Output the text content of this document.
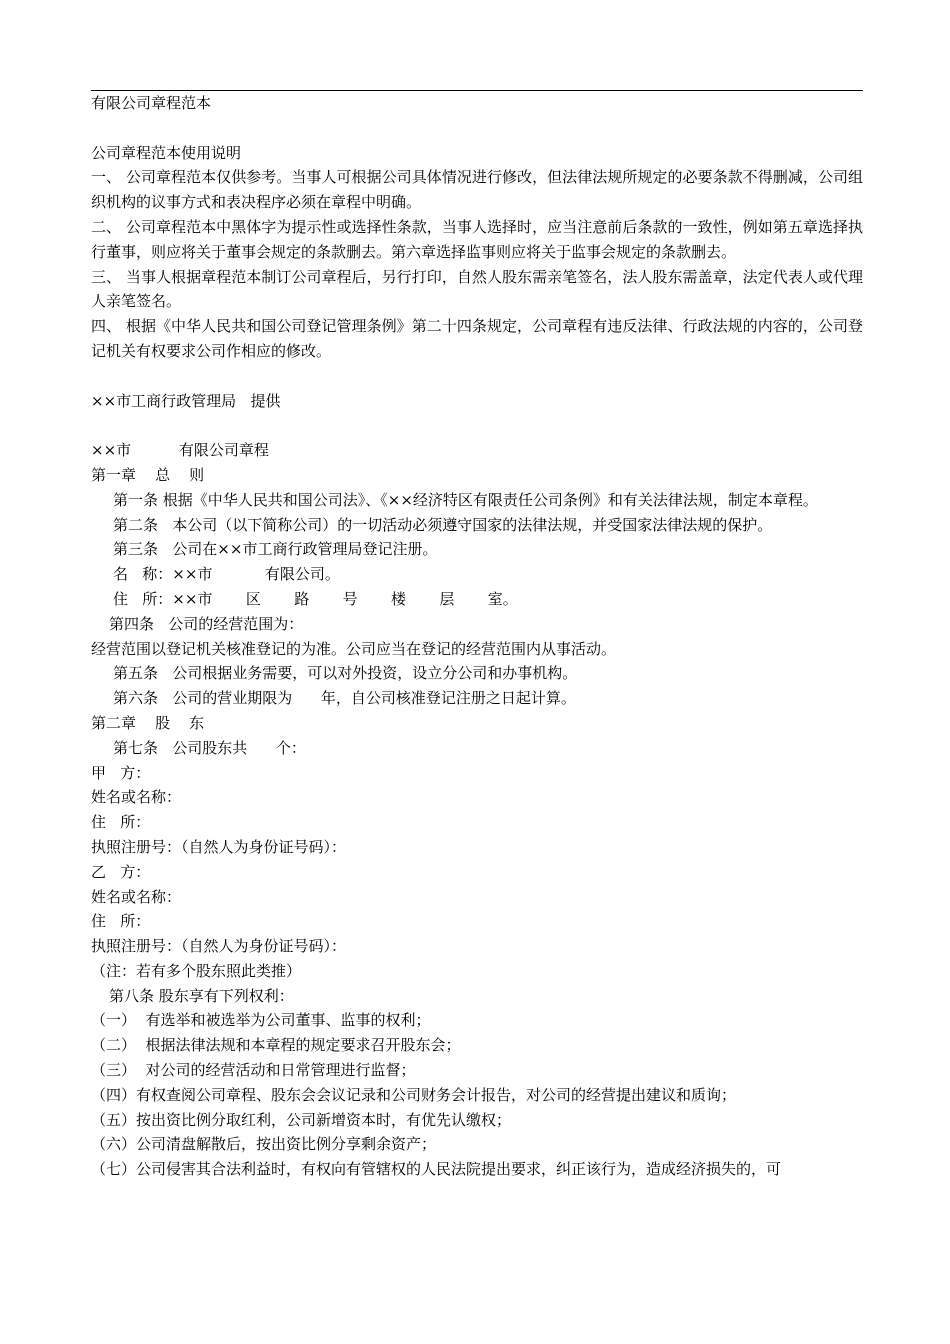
有限公司章程范本
公司章程范本使用说明
一、 公司章程范本仅供参考。当事人可根据公司具体情况进行修改，但法律法规所规定的必要条款不得删减，公司组织机构的议事方式和表决程序必须在章程中明确。
二、 公司章程范本中黑体字为提示性或选择性条款，当事人选择时，应当注意前后条款的一致性，例如第五章选择执行董事，则应将关于董事会规定的条款删去。第六章选择监事则应将关于监事会规定的条款删去。
三、 当事人根据章程范本制订公司章程后，另行打印，自然人股东需亲笔签名，法人股东需盖章，法定代表人或代理人亲笔签名。
四、 根据《中华人民共和国公司登记管理条例》第二十四条规定，公司章程有违反法律、行政法规的内容的，公司登记机关有权要求公司作相应的修改。
××市工商行政管理局   提供
××市          有限公司章程
第一章    总    则
第一条 根据《中华人民共和国公司法》、《××经济特区有限责任公司条例》和有关法律法规，制定本章程。
第二条   本公司（以下简称公司）的一切活动必须遵守国家的法律法规，并受国家法律法规的保护。
第三条   公司在××市工商行政管理局登记注册。
名   称：××市           有限公司。
住   所：××市       区       路       号       楼       层       室。
第四条   公司的经营范围为：
经营范围以登记机关核准登记的为准。公司应当在登记的经营范围内从事活动。
第五条   公司根据业务需要，可以对外投资，设立分公司和办事机构。
第六条   公司的营业期限为      年，自公司核准登记注册之日起计算。
第二章    股    东
第七条   公司股东共      个：
甲   方：
姓名或名称：
住   所：
执照注册号：（自然人为身份证号码）：
乙   方：
姓名或名称：
住   所：
执照注册号：（自然人为身份证号码）：
（注：若有多个股东照此类推）
第八条 股东享有下列权利：
（一）  有选举和被选举为公司董事、监事的权利；
（二）  根据法律法规和本章程的规定要求召开股东会；
（三）  对公司的经营活动和日常管理进行监督；
（四）有权查阅公司章程、股东会会议记录和公司财务会计报告，对公司的经营提出建议和质询；
（五）按出资比例分取红利，公司新增资本时，有优先认缴权；
（六）公司清盘解散后，按出资比例分享剩余资产；
（七）公司侵害其合法利益时，有权向有管辖权的人民法院提出要求，纠正该行为，造成经济损失的，可
